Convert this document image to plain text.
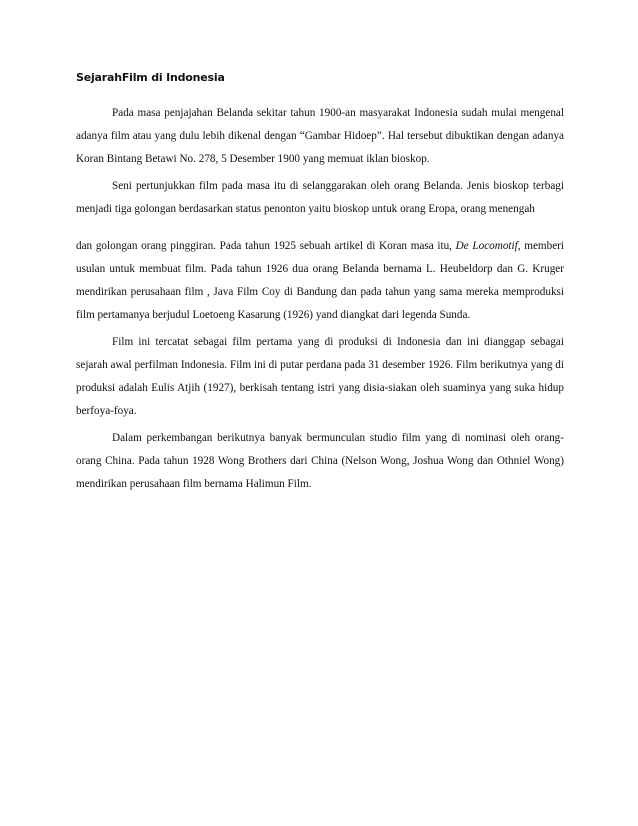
SejarahFilm di Indonesia

Pada masa penjajahan Belanda sekitar tahun 1900-an masyarakat Indonesia sudah mulai mengenal adanya film atau yang dulu lebih dikenal dengan “Gambar Hidoep”. Hal tersebut dibuktikan dengan adanya Koran Bintang Betawi No. 278, 5 Desember 1900 yang memuat iklan bioskop.

Seni pertunjukkan film pada masa itu di selanggarakan oleh orang Belanda. Jenis bioskop terbagi menjadi tiga golongan berdasarkan status penonton yaitu bioskop untuk orang Eropa, orang menengah

dan golongan orang pinggiran. Pada tahun 1925 sebuah artikel di Koran masa itu, De Locomotif, memberi usulan untuk membuat film. Pada tahun 1926 dua orang Belanda bernama L. Heubeldorp dan G. Kruger mendirikan perusahaan film , Java Film Coy di Bandung dan pada tahun yang sama mereka memproduksi film pertamanya berjudul Loetoeng Kasarung (1926) yand diangkat dari legenda Sunda.

Film ini tercatat sebagai film pertama yang di produksi di Indonesia dan ini dianggap sebagai sejarah awal perfilman Indonesia. Film ini di putar perdana pada 31 desember 1926. Film berikutnya yang di produksi adalah Eulis Atjih (1927), berkisah tentang istri yang disia-siakan oleh suaminya yang suka hidup berfoya-foya.

Dalam perkembangan berikutnya banyak bermunculan studio film yang di nominasi oleh orang-orang China. Pada tahun 1928 Wong Brothers dari China (Nelson Wong, Joshua Wong dan Othniel Wong) mendirikan perusahaan film bernama Halimun Film.
